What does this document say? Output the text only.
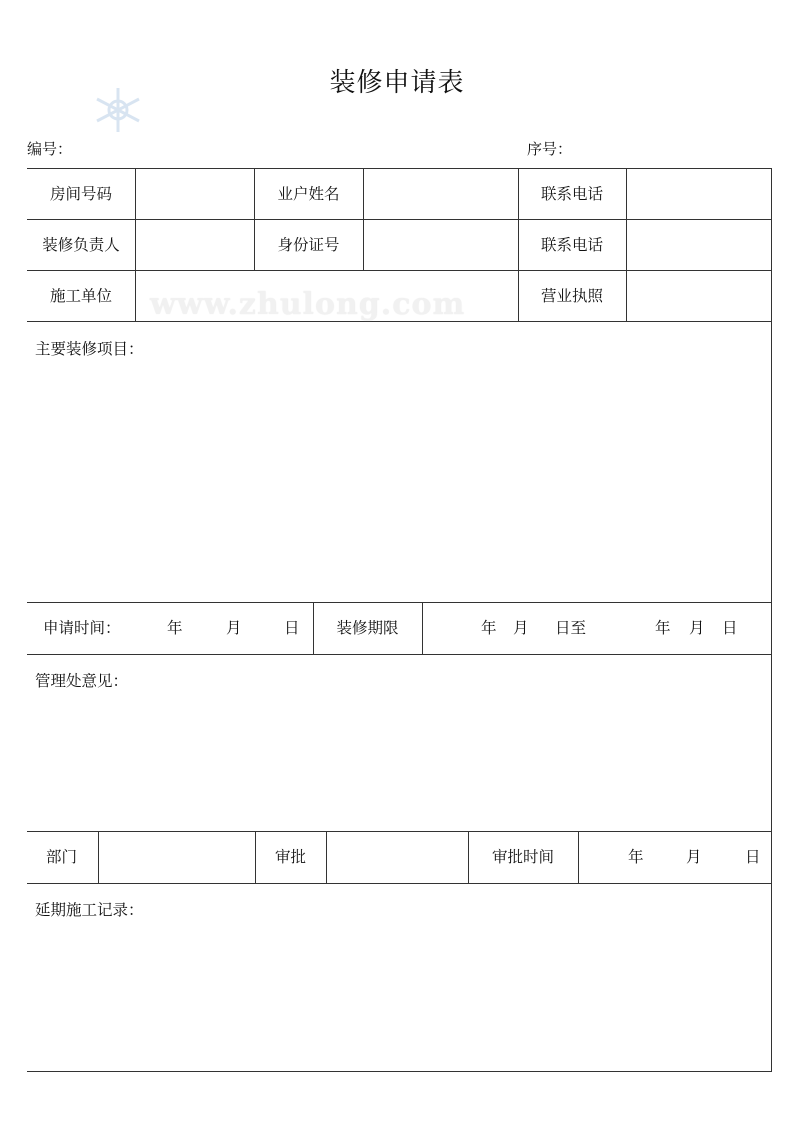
装修申请表
编号：	序号：
房间号码	业户姓名	联系电话
装修负责人	身份证号	联系电话
施工单位	营业执照
www.zhulong.com
主要装修项目：
申请时间：	年	月	日	装修期限	年 月 日至	年 月 日
管理处意见：
部门	审批	审批时间	年	月	日
延期施工记录：
